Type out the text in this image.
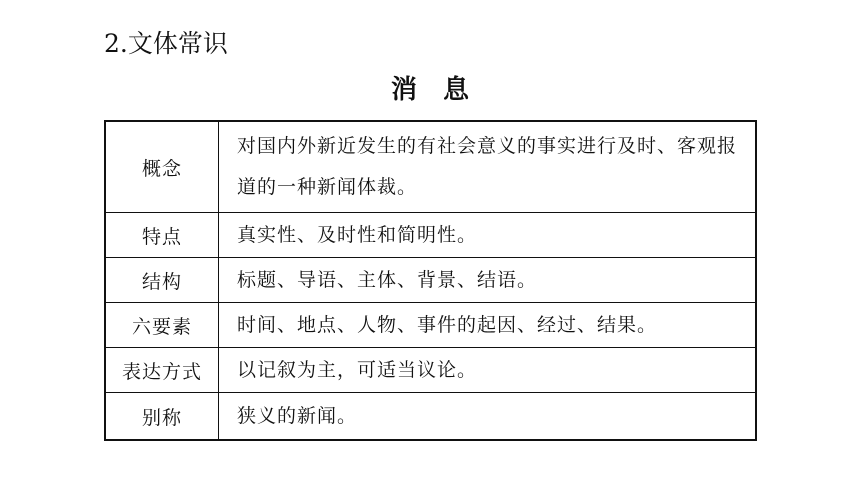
2.文体常识
消 息
概念	对国内外新近发生的有社会意义的事实进行及时、客观报道的一种新闻体裁。
特点	真实性、及时性和简明性。
结构	标题、导语、主体、背景、结语。
六要素	时间、地点、人物、事件的起因、经过、结果。
表达方式	以记叙为主，可适当议论。
别称	狭义的新闻。
